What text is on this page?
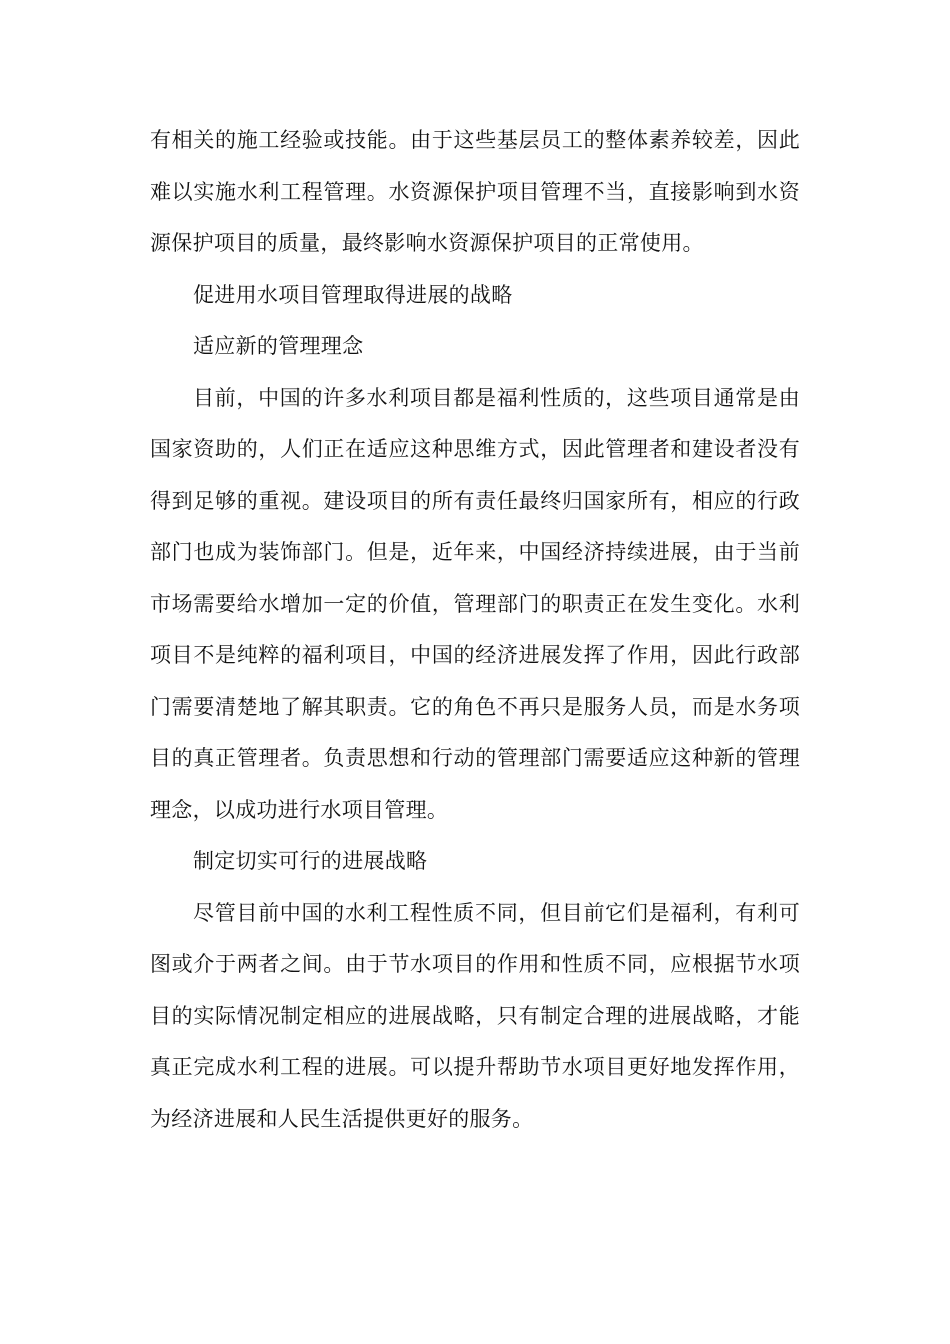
有相关的施工经验或技能。由于这些基层员工的整体素养较差，因此难以实施水利工程管理。水资源保护项目管理不当，直接影响到水资源保护项目的质量，最终影响水资源保护项目的正常使用。

促进用水项目管理取得进展的战略

适应新的管理理念

目前，中国的许多水利项目都是福利性质的，这些项目通常是由国家资助的，人们正在适应这种思维方式，因此管理者和建设者没有得到足够的重视。建设项目的所有责任最终归国家所有，相应的行政部门也成为装饰部门。但是，近年来，中国经济持续进展，由于当前市场需要给水增加一定的价值，管理部门的职责正在发生变化。水利项目不是纯粹的福利项目，中国的经济进展发挥了作用，因此行政部门需要清楚地了解其职责。它的角色不再只是服务人员，而是水务项目的真正管理者。负责思想和行动的管理部门需要适应这种新的管理理念，以成功进行水项目管理。

制定切实可行的进展战略

尽管目前中国的水利工程性质不同，但目前它们是福利，有利可图或介于两者之间。由于节水项目的作用和性质不同，应根据节水项目的实际情况制定相应的进展战略，只有制定合理的进展战略，才能真正完成水利工程的进展。可以提升帮助节水项目更好地发挥作用，为经济进展和人民生活提供更好的服务。
